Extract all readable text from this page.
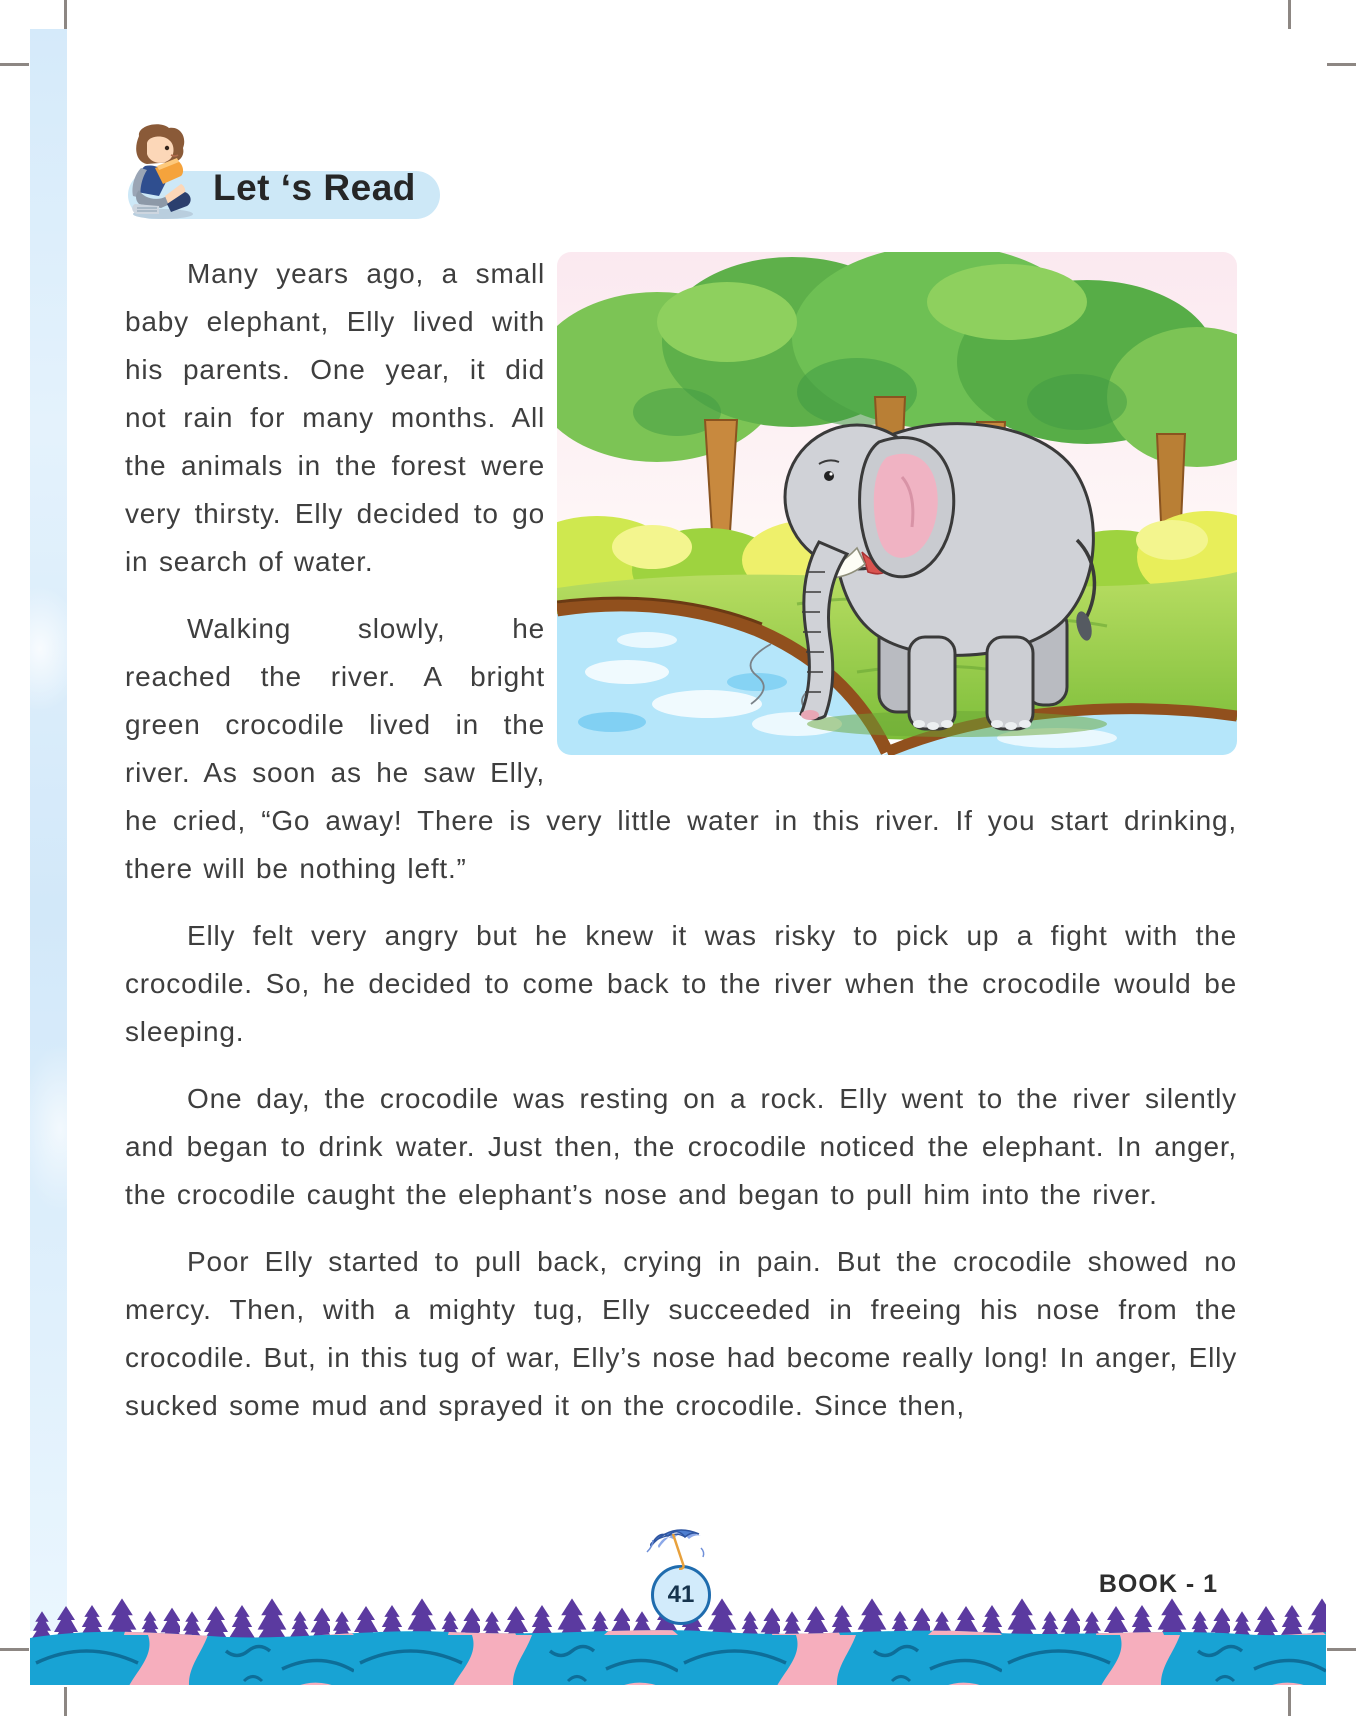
Let ‘s Read

Many years ago, a small baby elephant, Elly lived with his parents. One year, it did not rain for many months. All the animals in the forest were very thirsty. Elly decided to go in search of water.

Walking slowly, he reached the river. A bright green crocodile lived in the river. As soon as he saw Elly, he cried, “Go away! There is very little water in this river. If you start drinking, there will be nothing left.”

Elly felt very angry but he knew it was risky to pick up a fight with the crocodile. So, he decided to come back to the river when the crocodile would be sleeping.

One day, the crocodile was resting on a rock. Elly went to the river silently and began to drink water. Just then, the crocodile noticed the elephant. In anger, the crocodile caught the elephant’s nose and began to pull him into the river.

Poor Elly started to pull back, crying in pain. But the crocodile showed no mercy. Then, with a mighty tug, Elly succeeded in freeing his nose from the crocodile. But, in this tug of war, Elly’s nose had become really long! In anger, Elly sucked some mud and sprayed it on the crocodile. Since then,

41	BOOK - 1
